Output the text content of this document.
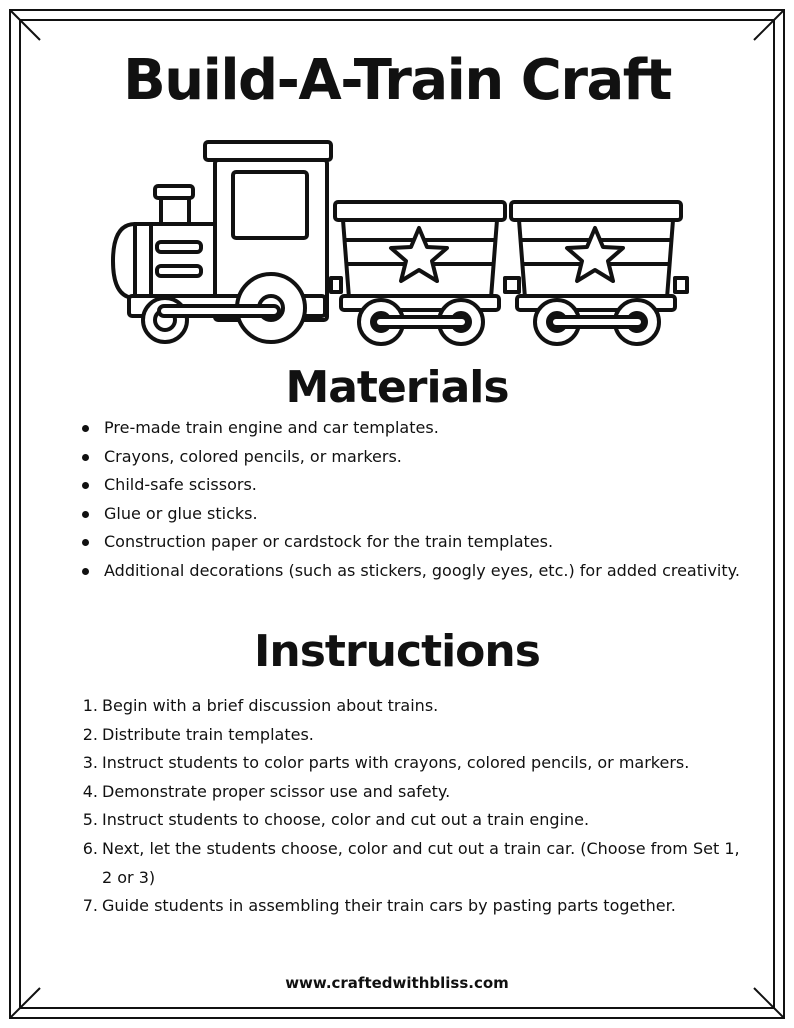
Build-A-Train Craft
Materials
Pre-made train engine and car templates.
Crayons, colored pencils, or markers.
Child-safe scissors.
Glue or glue sticks.
Construction paper or cardstock for the train templates.
Additional decorations (such as stickers, googly eyes, etc.) for added creativity.
Instructions
1. Begin with a brief discussion about trains.
2. Distribute train templates.
3. Instruct students to color parts with crayons, colored pencils, or markers.
4. Demonstrate proper scissor use and safety.
5. Instruct students to choose, color and cut out a train engine.
6. Next, let the students choose, color and cut out a train car. (Choose from Set 1, 2 or 3)
7. Guide students in assembling their train cars by pasting parts together.
www.craftedwithbliss.com
